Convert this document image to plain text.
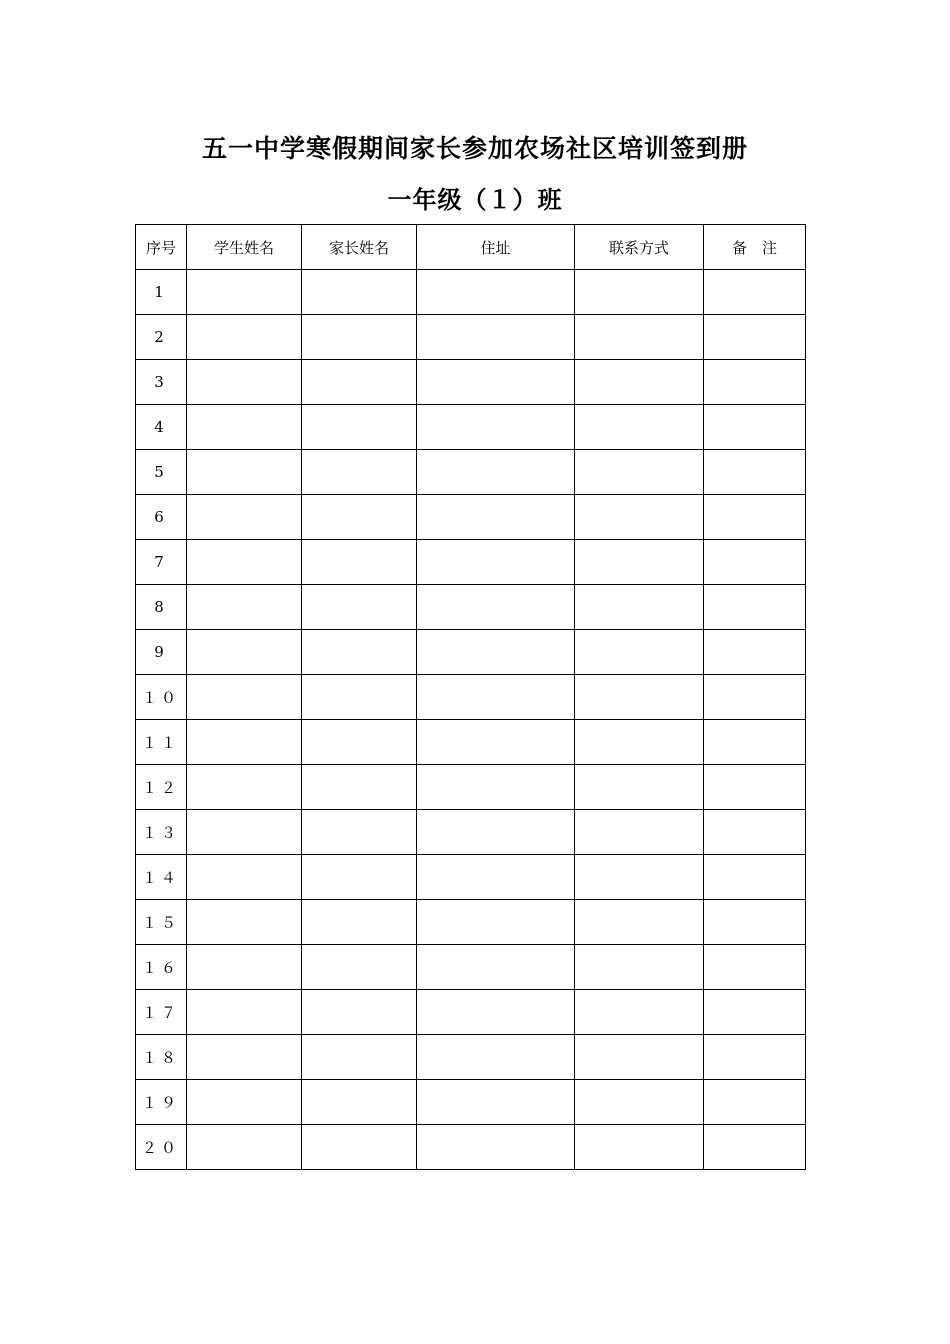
五一中学寒假期间家长参加农场社区培训签到册
一年级（１）班
序号	学生姓名	家长姓名	住址	联系方式	备　注
1					
2					
3					
4					
5					
6					
7					
8					
9					
１０					
１１					
１２					
１３					
１４					
１５					
１６					
１７					
１８					
１９					
２０					
